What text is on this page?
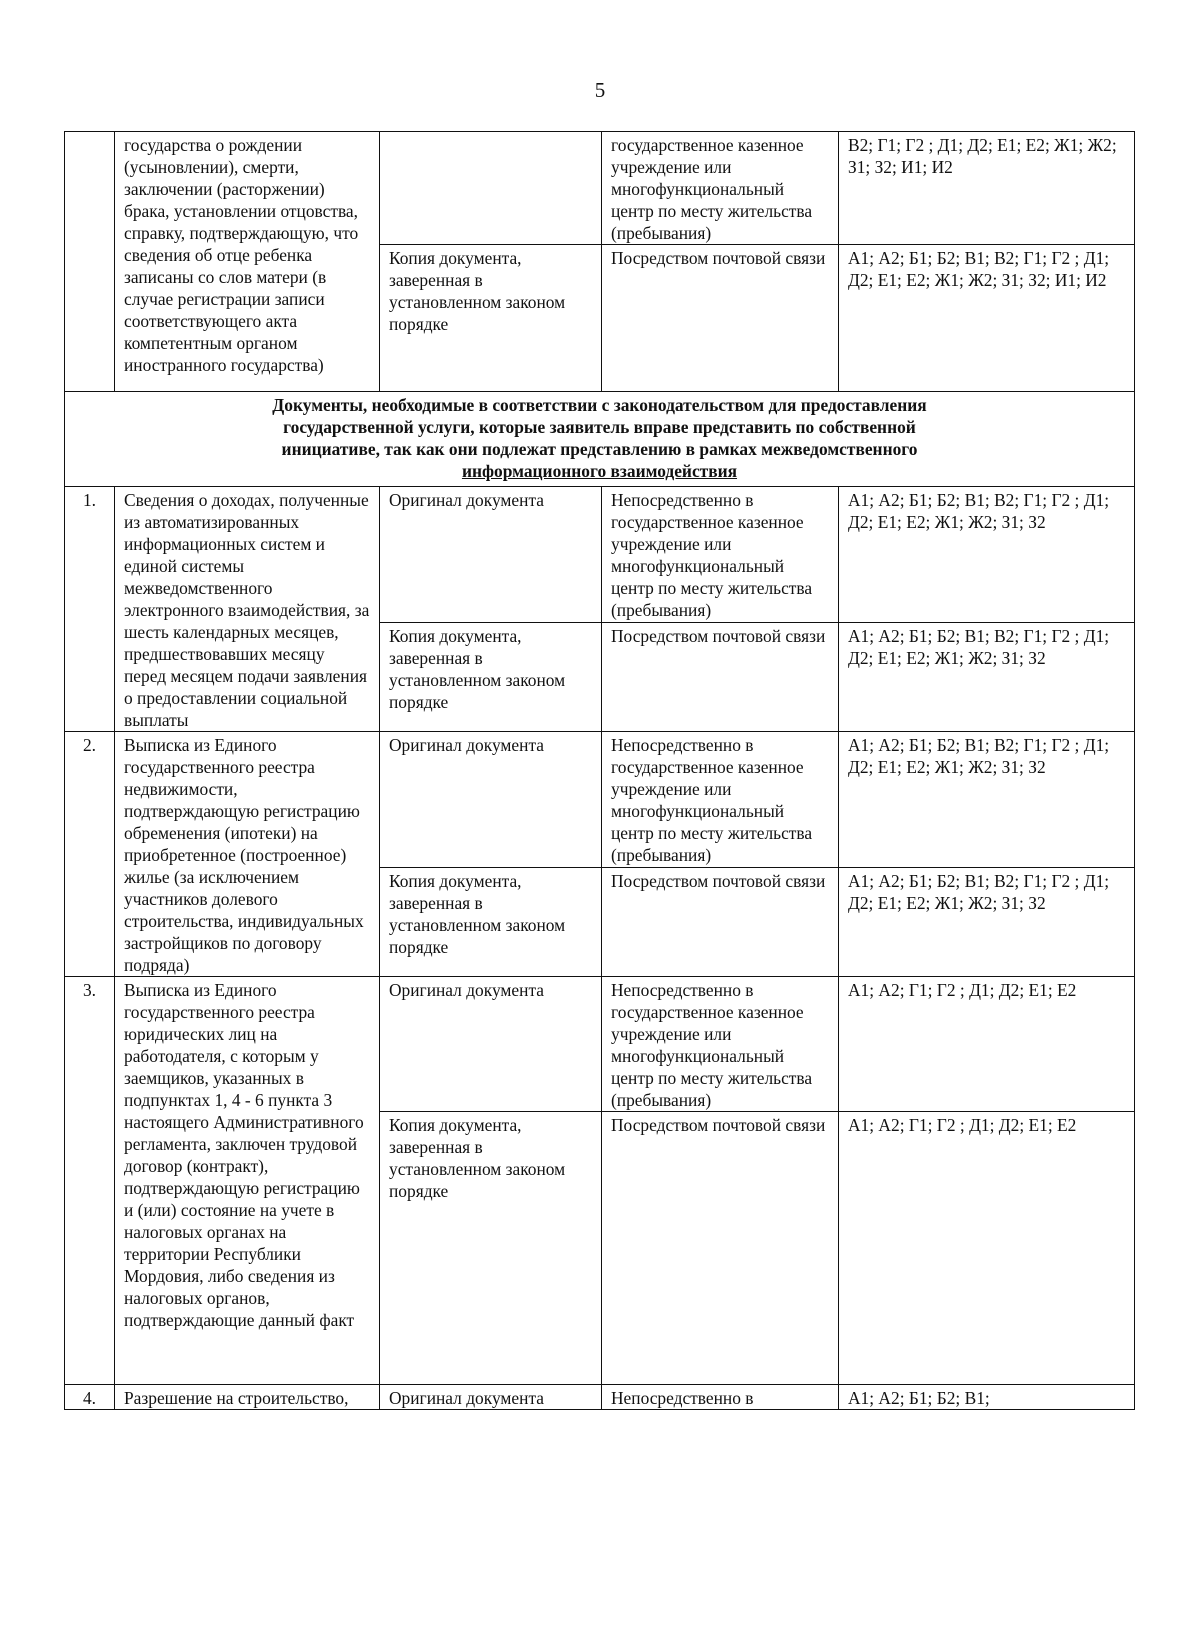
5
	государства о рождении (усыновлении), смерти, заключении (расторжении) брака, установлении отцовства, справку, подтверждающую, что сведения об отце ребенка записаны со слов матери (в случае регистрации записи соответствующего акта компетентным органом иностранного государства)		государственное казенное учреждение или многофункциональный центр по месту жительства (пребывания)	В2; Г1; Г2 ; Д1; Д2; Е1; Е2; Ж1; Ж2; З1; З2; И1; И2
		Копия документа, заверенная в установленном законом порядке	Посредством почтовой связи	А1; А2; Б1; Б2; В1; В2; Г1; Г2 ; Д1; Д2; Е1; Е2; Ж1; Ж2; З1; З2; И1; И2
Документы, необходимые в соответствии с законодательством для предоставления
государственной услуги, которые заявитель вправе представить по собственной
инициативе, так как они подлежат представлению в рамках межведомственного
информационного взаимодействия				
1.	Сведения о доходах, полученные из автоматизированных информационных систем и единой системы межведомственного электронного взаимодействия, за шесть календарных месяцев, предшествовавших месяцу перед месяцем подачи заявления о предоставлении социальной выплаты	Оригинал документа	Непосредственно в государственное казенное учреждение или многофункциональный центр по месту жительства (пребывания)	А1; А2; Б1; Б2; В1; В2; Г1; Г2 ; Д1; Д2; Е1; Е2; Ж1; Ж2; З1; З2
		Копия документа, заверенная в установленном законом порядке	Посредством почтовой связи	А1; А2; Б1; Б2; В1; В2; Г1; Г2 ; Д1; Д2; Е1; Е2; Ж1; Ж2; З1; З2
2.	Выписка из Единого государственного реестра недвижимости, подтверждающую регистрацию обременения (ипотеки) на приобретенное (построенное) жилье (за исключением участников долевого строительства, индивидуальных застройщиков по договору подряда)	Оригинал документа	Непосредственно в государственное казенное учреждение или многофункциональный центр по месту жительства (пребывания)	А1; А2; Б1; Б2; В1; В2; Г1; Г2 ; Д1; Д2; Е1; Е2; Ж1; Ж2; З1; З2
		Копия документа, заверенная в установленном законом порядке	Посредством почтовой связи	А1; А2; Б1; Б2; В1; В2; Г1; Г2 ; Д1; Д2; Е1; Е2; Ж1; Ж2; З1; З2
3.	Выписка из Единого государственного реестра юридических лиц на работодателя, с которым у заемщиков, указанных в подпунктах 1, 4 - 6 пункта 3 настоящего Административного регламента, заключен трудовой договор (контракт), подтверждающую регистрацию и (или) состояние на учете в налоговых органах на территории Республики Мордовия, либо сведения из налоговых органов, подтверждающие данный факт	Оригинал документа	Непосредственно в государственное казенное учреждение или многофункциональный центр по месту жительства (пребывания)	А1; А2; Г1; Г2 ; Д1; Д2; Е1; Е2
		Копия документа, заверенная в установленном законом порядке	Посредством почтовой связи	А1; А2; Г1; Г2 ; Д1; Д2; Е1; Е2
4.	Разрешение на строительство,	Оригинал документа	Непосредственно в	А1; А2; Б1; Б2; В1;
